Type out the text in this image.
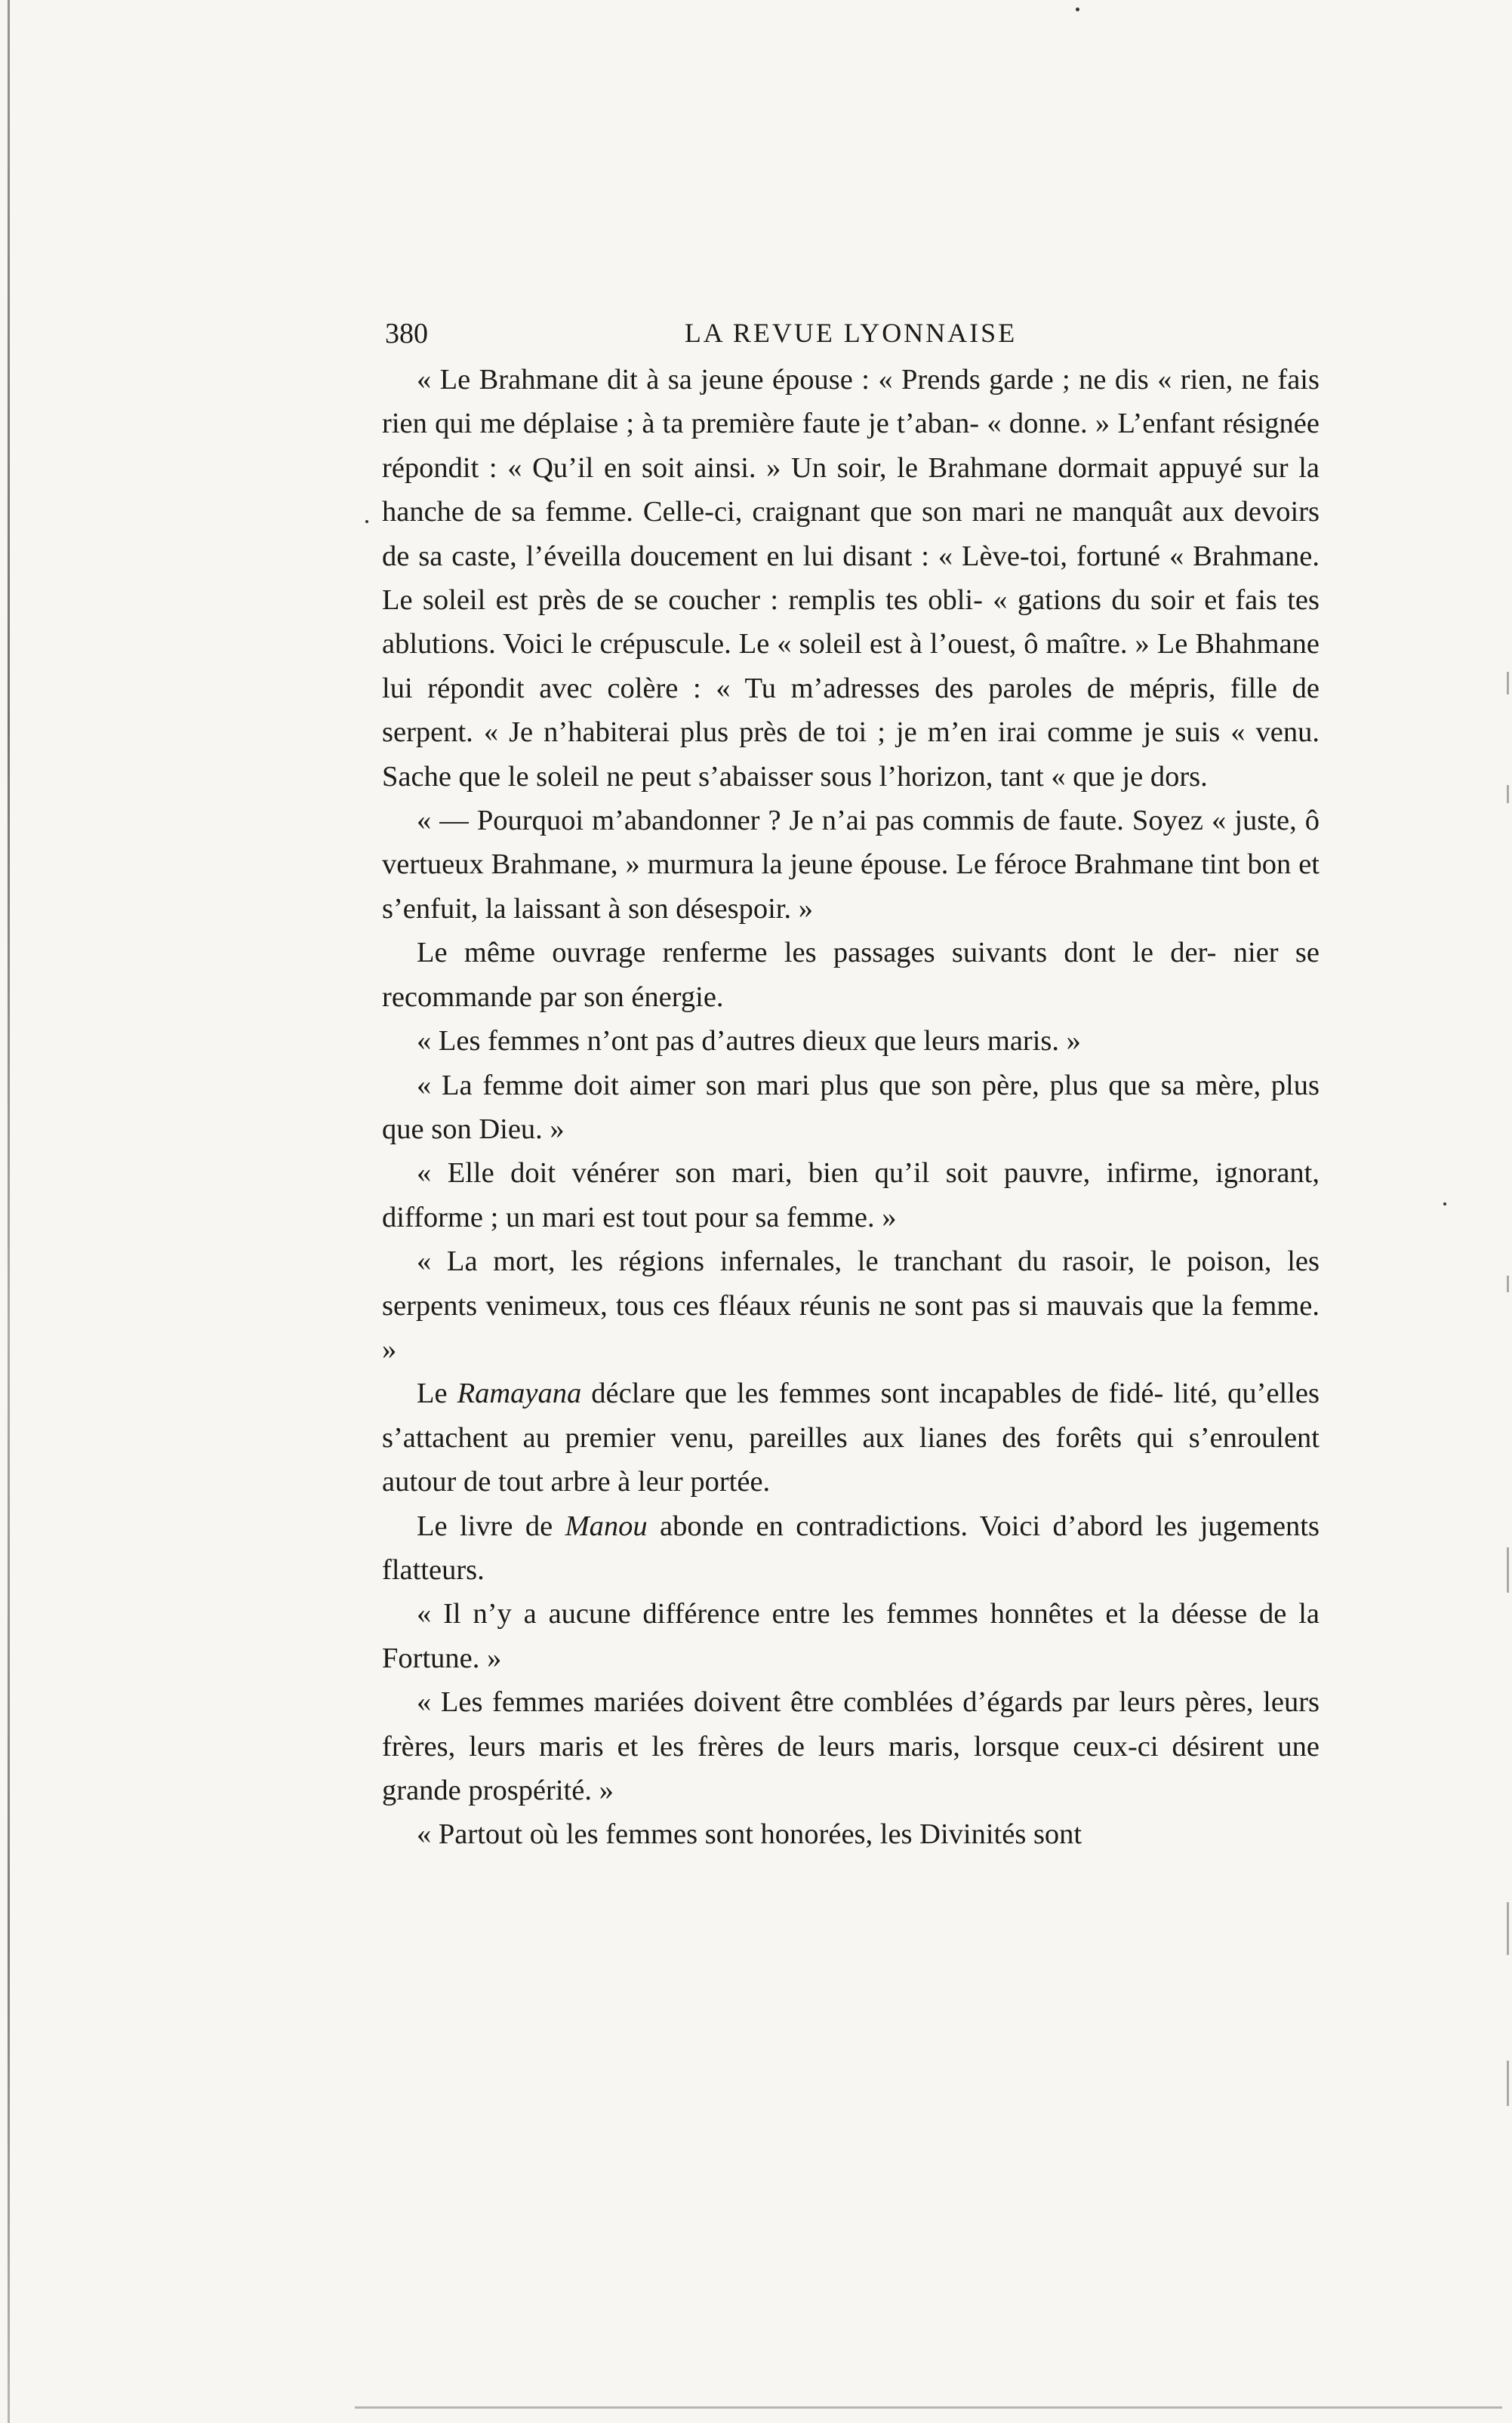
380	LA REVUE LYONNAISE

« Le Brahmane dit à sa jeune épouse : « Prends garde ; ne dis « rien, ne fais rien qui me déplaise ; à ta première faute je t’aban- « donne. » L’enfant résignée répondit : « Qu’il en soit ainsi. » Un soir, le Brahmane dormait appuyé sur la hanche de sa femme. Celle-ci, craignant que son mari ne manquât aux devoirs de sa caste, l’éveilla doucement en lui disant : « Lève-toi, fortuné « Brahmane. Le soleil est près de se coucher : remplis tes obli- « gations du soir et fais tes ablutions. Voici le crépuscule. Le « soleil est à l’ouest, ô maître. » Le Bhahmane lui répondit avec colère : « Tu m’adresses des paroles de mépris, fille de serpent. « Je n’habiterai plus près de toi ; je m’en irai comme je suis « venu. Sache que le soleil ne peut s’abaisser sous l’horizon, tant « que je dors.

« — Pourquoi m’abandonner ? Je n’ai pas commis de faute. Soyez « juste, ô vertueux Brahmane, » murmura la jeune épouse. Le féroce Brahmane tint bon et s’enfuit, la laissant à son désespoir. »

Le même ouvrage renferme les passages suivants dont le der- nier se recommande par son énergie.

« Les femmes n’ont pas d’autres dieux que leurs maris. »

« La femme doit aimer son mari plus que son père, plus que sa mère, plus que son Dieu. »

« Elle doit vénérer son mari, bien qu’il soit pauvre, infirme, ignorant, difforme ; un mari est tout pour sa femme. »

« La mort, les régions infernales, le tranchant du rasoir, le poison, les serpents venimeux, tous ces fléaux réunis ne sont pas si mauvais que la femme. »

Le Ramayana déclare que les femmes sont incapables de fidé- lité, qu’elles s’attachent au premier venu, pareilles aux lianes des forêts qui s’enroulent autour de tout arbre à leur portée.

Le livre de Manou abonde en contradictions. Voici d’abord les jugements flatteurs.

« Il n’y a aucune différence entre les femmes honnêtes et la déesse de la Fortune. »

« Les femmes mariées doivent être comblées d’égards par leurs pères, leurs frères, leurs maris et les frères de leurs maris, lorsque ceux-ci désirent une grande prospérité. »

« Partout où les femmes sont honorées, les Divinités sont
